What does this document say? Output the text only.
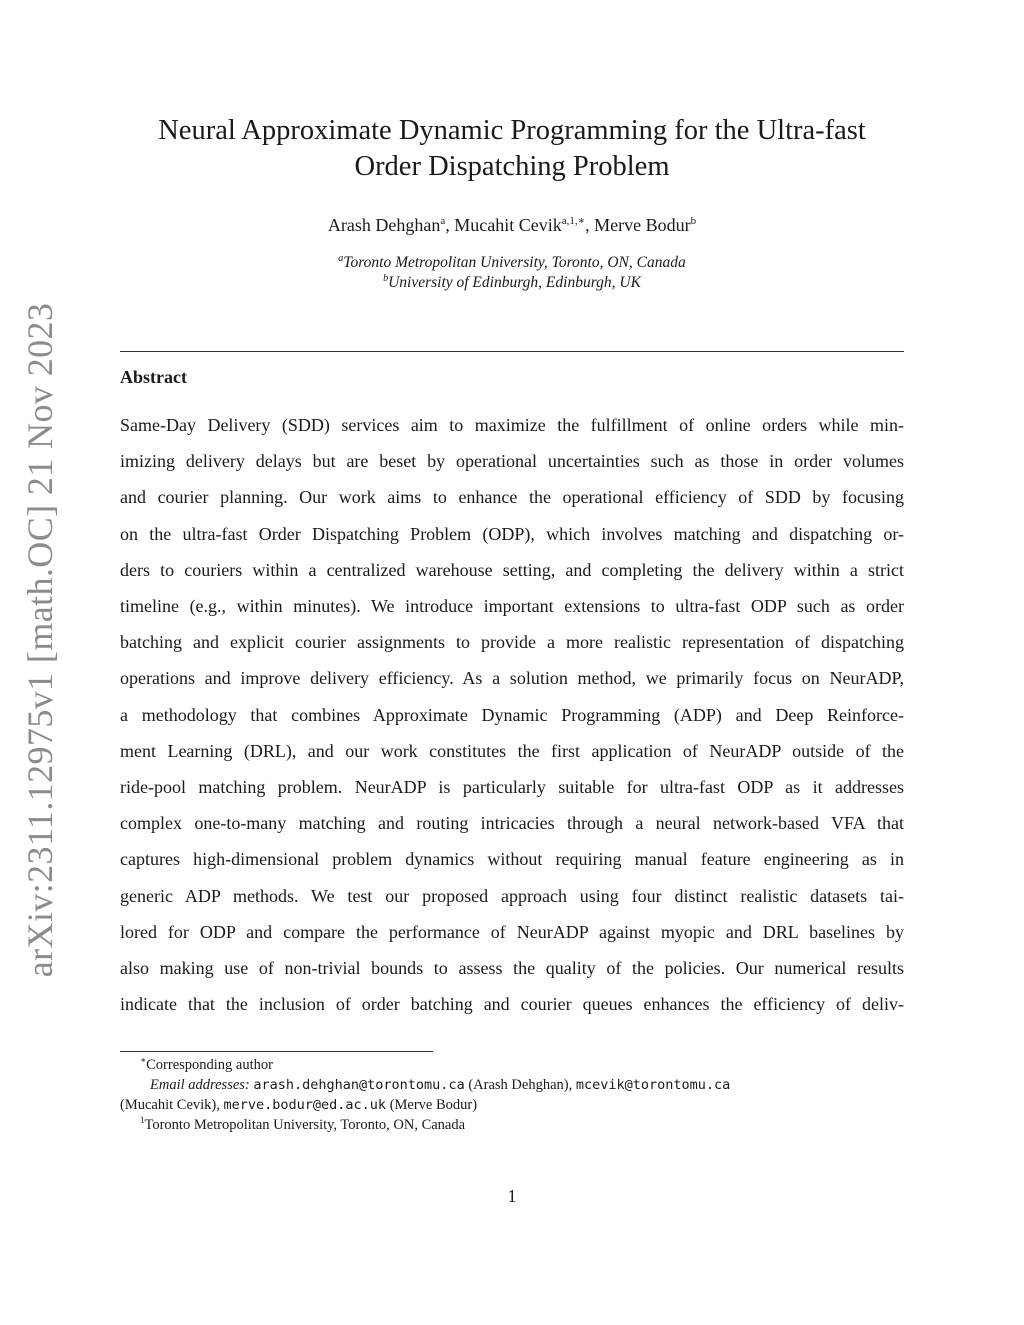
arXiv:2311.12975v1 [math.OC] 21 Nov 2023
Neural Approximate Dynamic Programming for the Ultra-fast
Order Dispatching Problem
Arash Dehghan$^a$, Mucahit Cevik$^{a,1,∗}$, Merve Bodur$^b$
$^a$Toronto Metropolitan University, Toronto, ON, Canada
$^b$University of Edinburgh, Edinburgh, UK
Abstract
Same-Day Delivery (SDD) services aim to maximize the fulfillment of online orders while min-
imizing delivery delays but are beset by operational uncertainties such as those in order volumes
and courier planning. Our work aims to enhance the operational efficiency of SDD by focusing
on the ultra-fast Order Dispatching Problem (ODP), which involves matching and dispatching or-
ders to couriers within a centralized warehouse setting, and completing the delivery within a strict
timeline (e.g., within minutes). We introduce important extensions to ultra-fast ODP such as order
batching and explicit courier assignments to provide a more realistic representation of dispatching
operations and improve delivery efficiency. As a solution method, we primarily focus on NeurADP,
a methodology that combines Approximate Dynamic Programming (ADP) and Deep Reinforce-
ment Learning (DRL), and our work constitutes the first application of NeurADP outside of the
ride-pool matching problem. NeurADP is particularly suitable for ultra-fast ODP as it addresses
complex one-to-many matching and routing intricacies through a neural network-based VFA that
captures high-dimensional problem dynamics without requiring manual feature engineering as in
generic ADP methods. We test our proposed approach using four distinct realistic datasets tai-
lored for ODP and compare the performance of NeurADP against myopic and DRL baselines by
also making use of non-trivial bounds to assess the quality of the policies. Our numerical results
indicate that the inclusion of order batching and courier queues enhances the efficiency of deliv-

∗Corresponding author

Email addresses: arash.dehghan@torontomu.ca (Arash Dehghan), mcevik@torontomu.ca

(Mucahit Cevik), merve.bodur@ed.ac.uk (Merve Bodur)

$^1$Toronto Metropolitan University, Toronto, ON, Canada

1
